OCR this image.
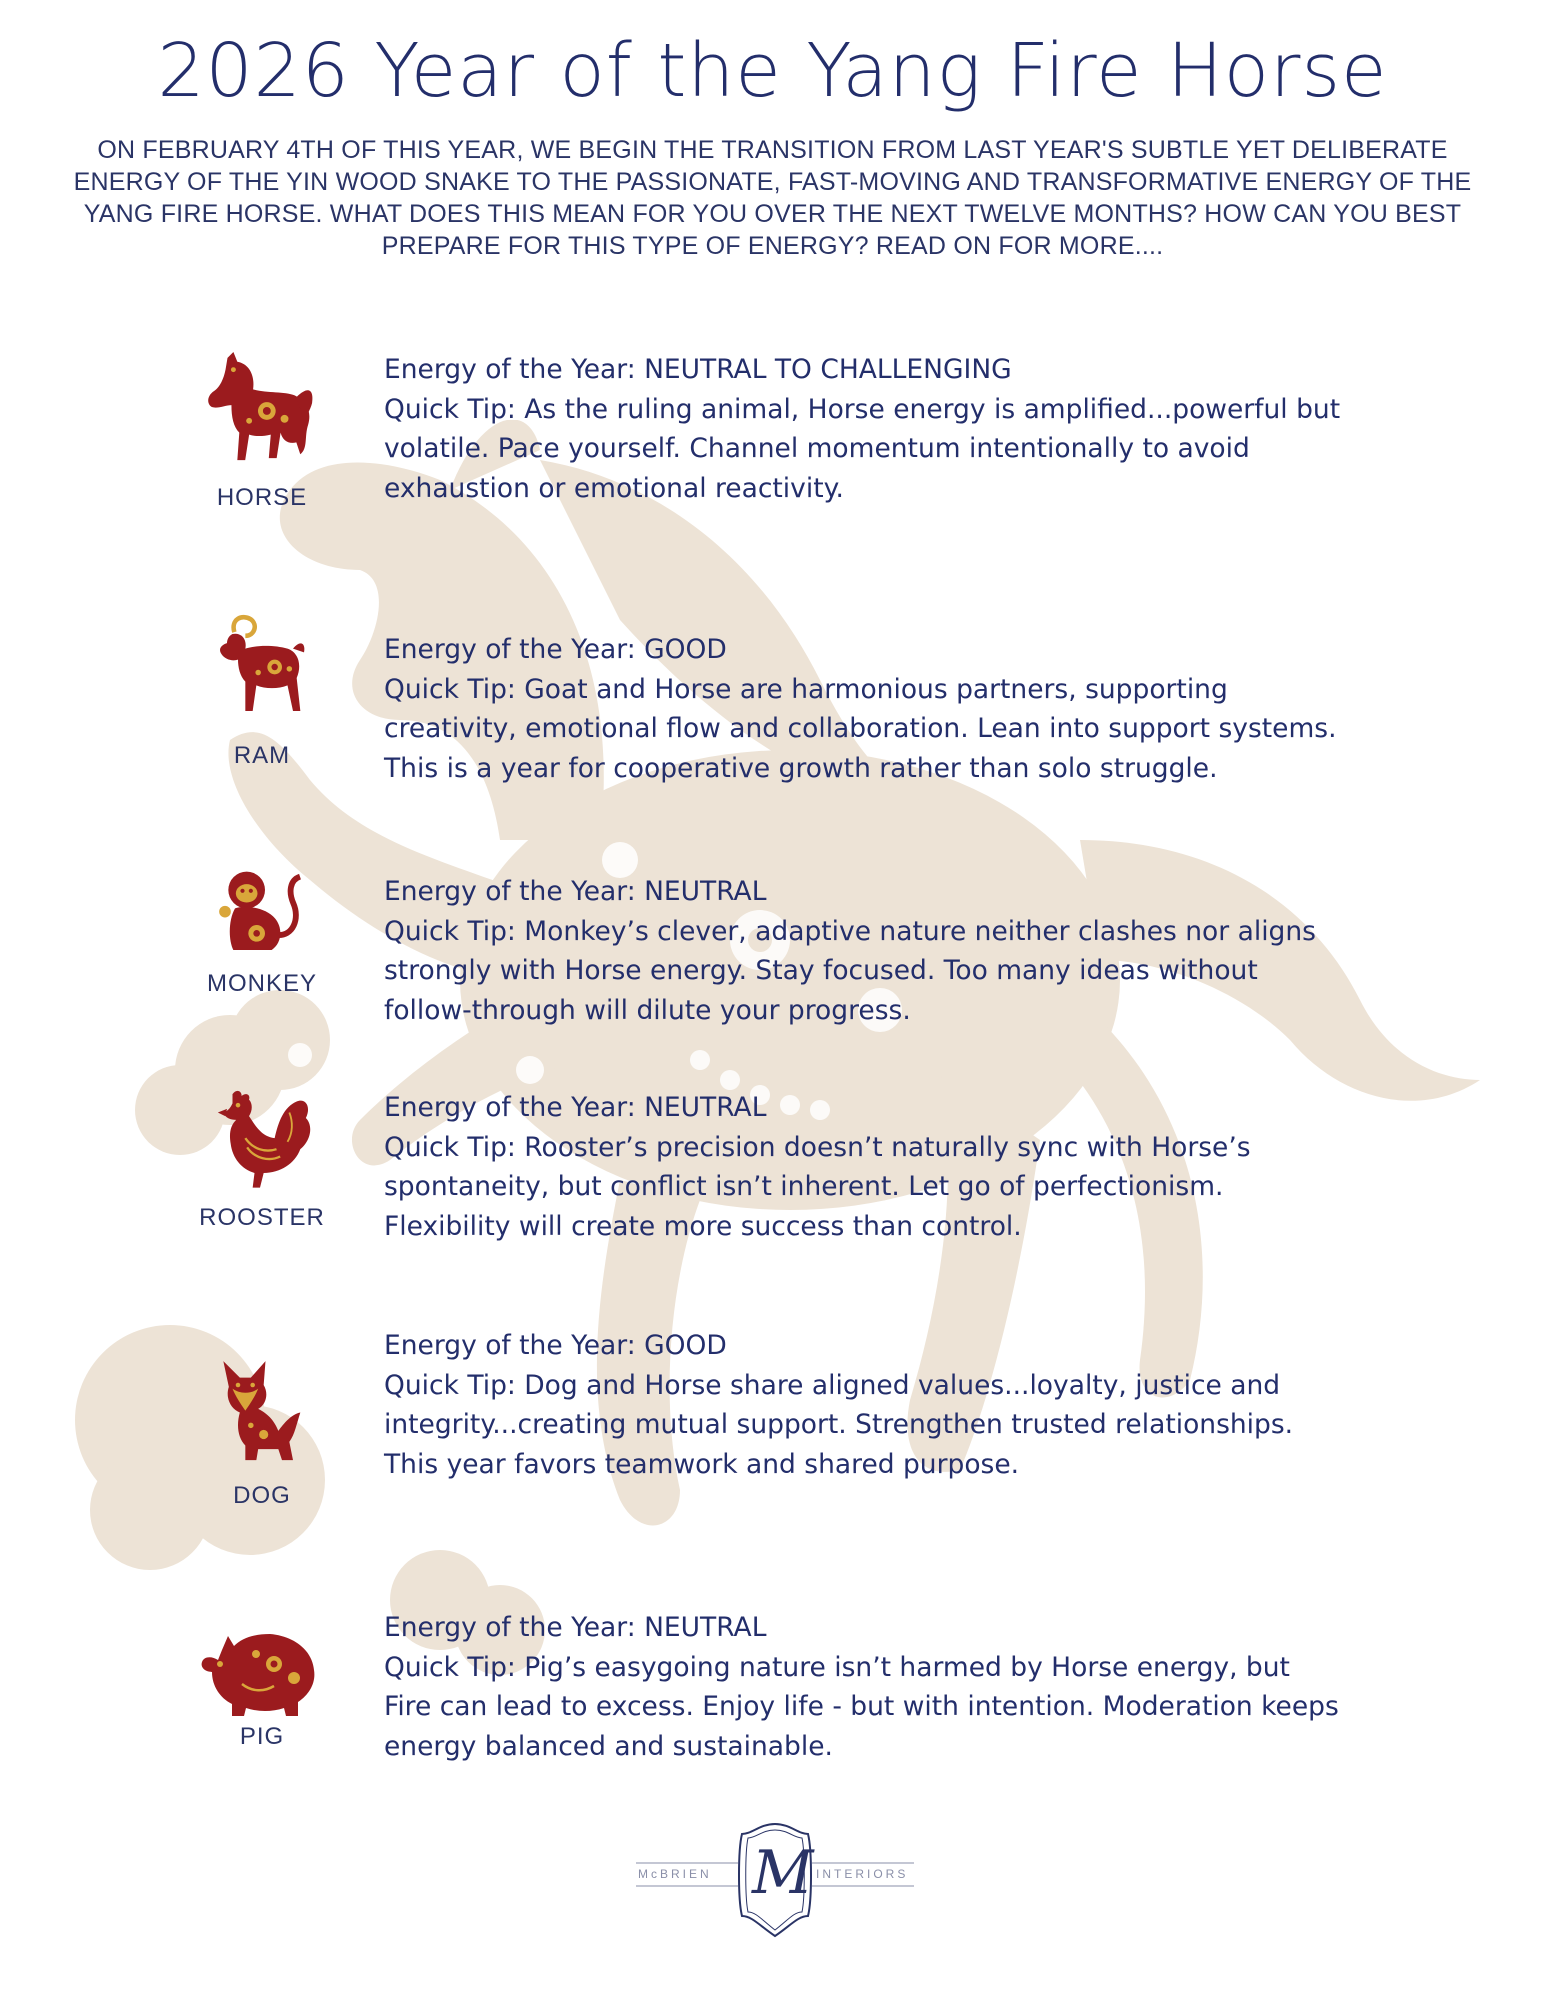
2026 Year of the Yang Fire Horse
ON FEBRUARY 4TH OF THIS YEAR, WE BEGIN THE TRANSITION FROM LAST YEAR'S SUBTLE YET DELIBERATE ENERGY OF THE YIN WOOD SNAKE TO THE PASSIONATE, FAST-MOVING AND TRANSFORMATIVE ENERGY OF THE YANG FIRE HORSE. WHAT DOES THIS MEAN FOR YOU OVER THE NEXT TWELVE MONTHS? HOW CAN YOU BEST PREPARE FOR THIS TYPE OF ENERGY? READ ON FOR MORE....
HORSE
Energy of the Year: NEUTRAL TO CHALLENGING
Quick Tip: As the ruling animal, Horse energy is amplified...powerful but volatile. Pace yourself. Channel momentum intentionally to avoid exhaustion or emotional reactivity.
RAM
Energy of the Year: GOOD
Quick Tip: Goat and Horse are harmonious partners, supporting creativity, emotional flow and collaboration. Lean into support systems. This is a year for cooperative growth rather than solo struggle.
MONKEY
Energy of the Year: NEUTRAL
Quick Tip: Monkey’s clever, adaptive nature neither clashes nor aligns strongly with Horse energy. Stay focused. Too many ideas without follow-through will dilute your progress.
ROOSTER
Energy of the Year: NEUTRAL
Quick Tip: Rooster’s precision doesn’t naturally sync with Horse’s spontaneity, but conflict isn’t inherent. Let go of perfectionism. Flexibility will create more success than control.
DOG
Energy of the Year: GOOD
Quick Tip: Dog and Horse share aligned values...loyalty, justice and integrity...creating mutual support. Strengthen trusted relationships. This year favors teamwork and shared purpose.
PIG
Energy of the Year: NEUTRAL
Quick Tip: Pig’s easygoing nature isn’t harmed by Horse energy, but Fire can lead to excess. Enjoy life - but with intention. Moderation keeps energy balanced and sustainable.
McBRIEN M INTERIORS
